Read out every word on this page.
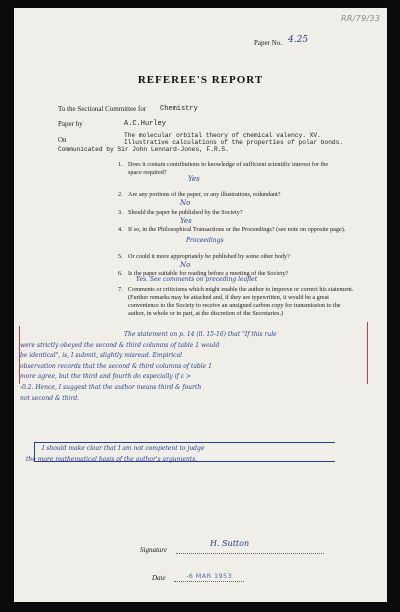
RR/79/33
Paper No. 4.25
REFEREE'S REPORT
To the Sectional Committee for Chemistry
Paper by	A.C.Hurley
On
The molecular orbital theory of chemical valency. XV.
Illustrative calculations of the properties of polar bonds.
Communicated by Sir John Lennard-Jones, F.R.S.
1. Does it contain contributions to knowledge of sufficient scientific interest for the space required?
Yes
2. Are any portions of the paper, or any illustrations, redundant?
No
3. Should the paper be published by the Society?
Yes
4. If so, in the Philosophical Transactions or the Proceedings? (see note on opposite page).
Proceedings
5. Or could it more appropriately be published by some other body?
No
6. Is the paper suitable for reading before a meeting of the Society?
Yes. See comments on preceding leaflet
7. Comments or criticisms which might enable the author to improve or correct his statement. (Further remarks may be attached and, if they are typewritten, it would be a great convenience to the Society to receive an unsigned carbon copy for transmission to the author, in whole or in part, at the discretion of the Secretaries.)
The statement on p. 14 (ll. 15-16) that "If this rule
were strictly obeyed the second & third columns of table 1 would
be identical", is, I submit, slightly misread. Empirical
observation records that the second & third columns of table 1
more agree, but the third and fourth do especially if ε >
-0.2. Hence, I suggest that the author means third & fourth
not second & third.
I should make clear that I am not competent to judge
the more mathematical basis of the author's arguments.
Signature
H. Sutton
Date	-6 MAR 1953
